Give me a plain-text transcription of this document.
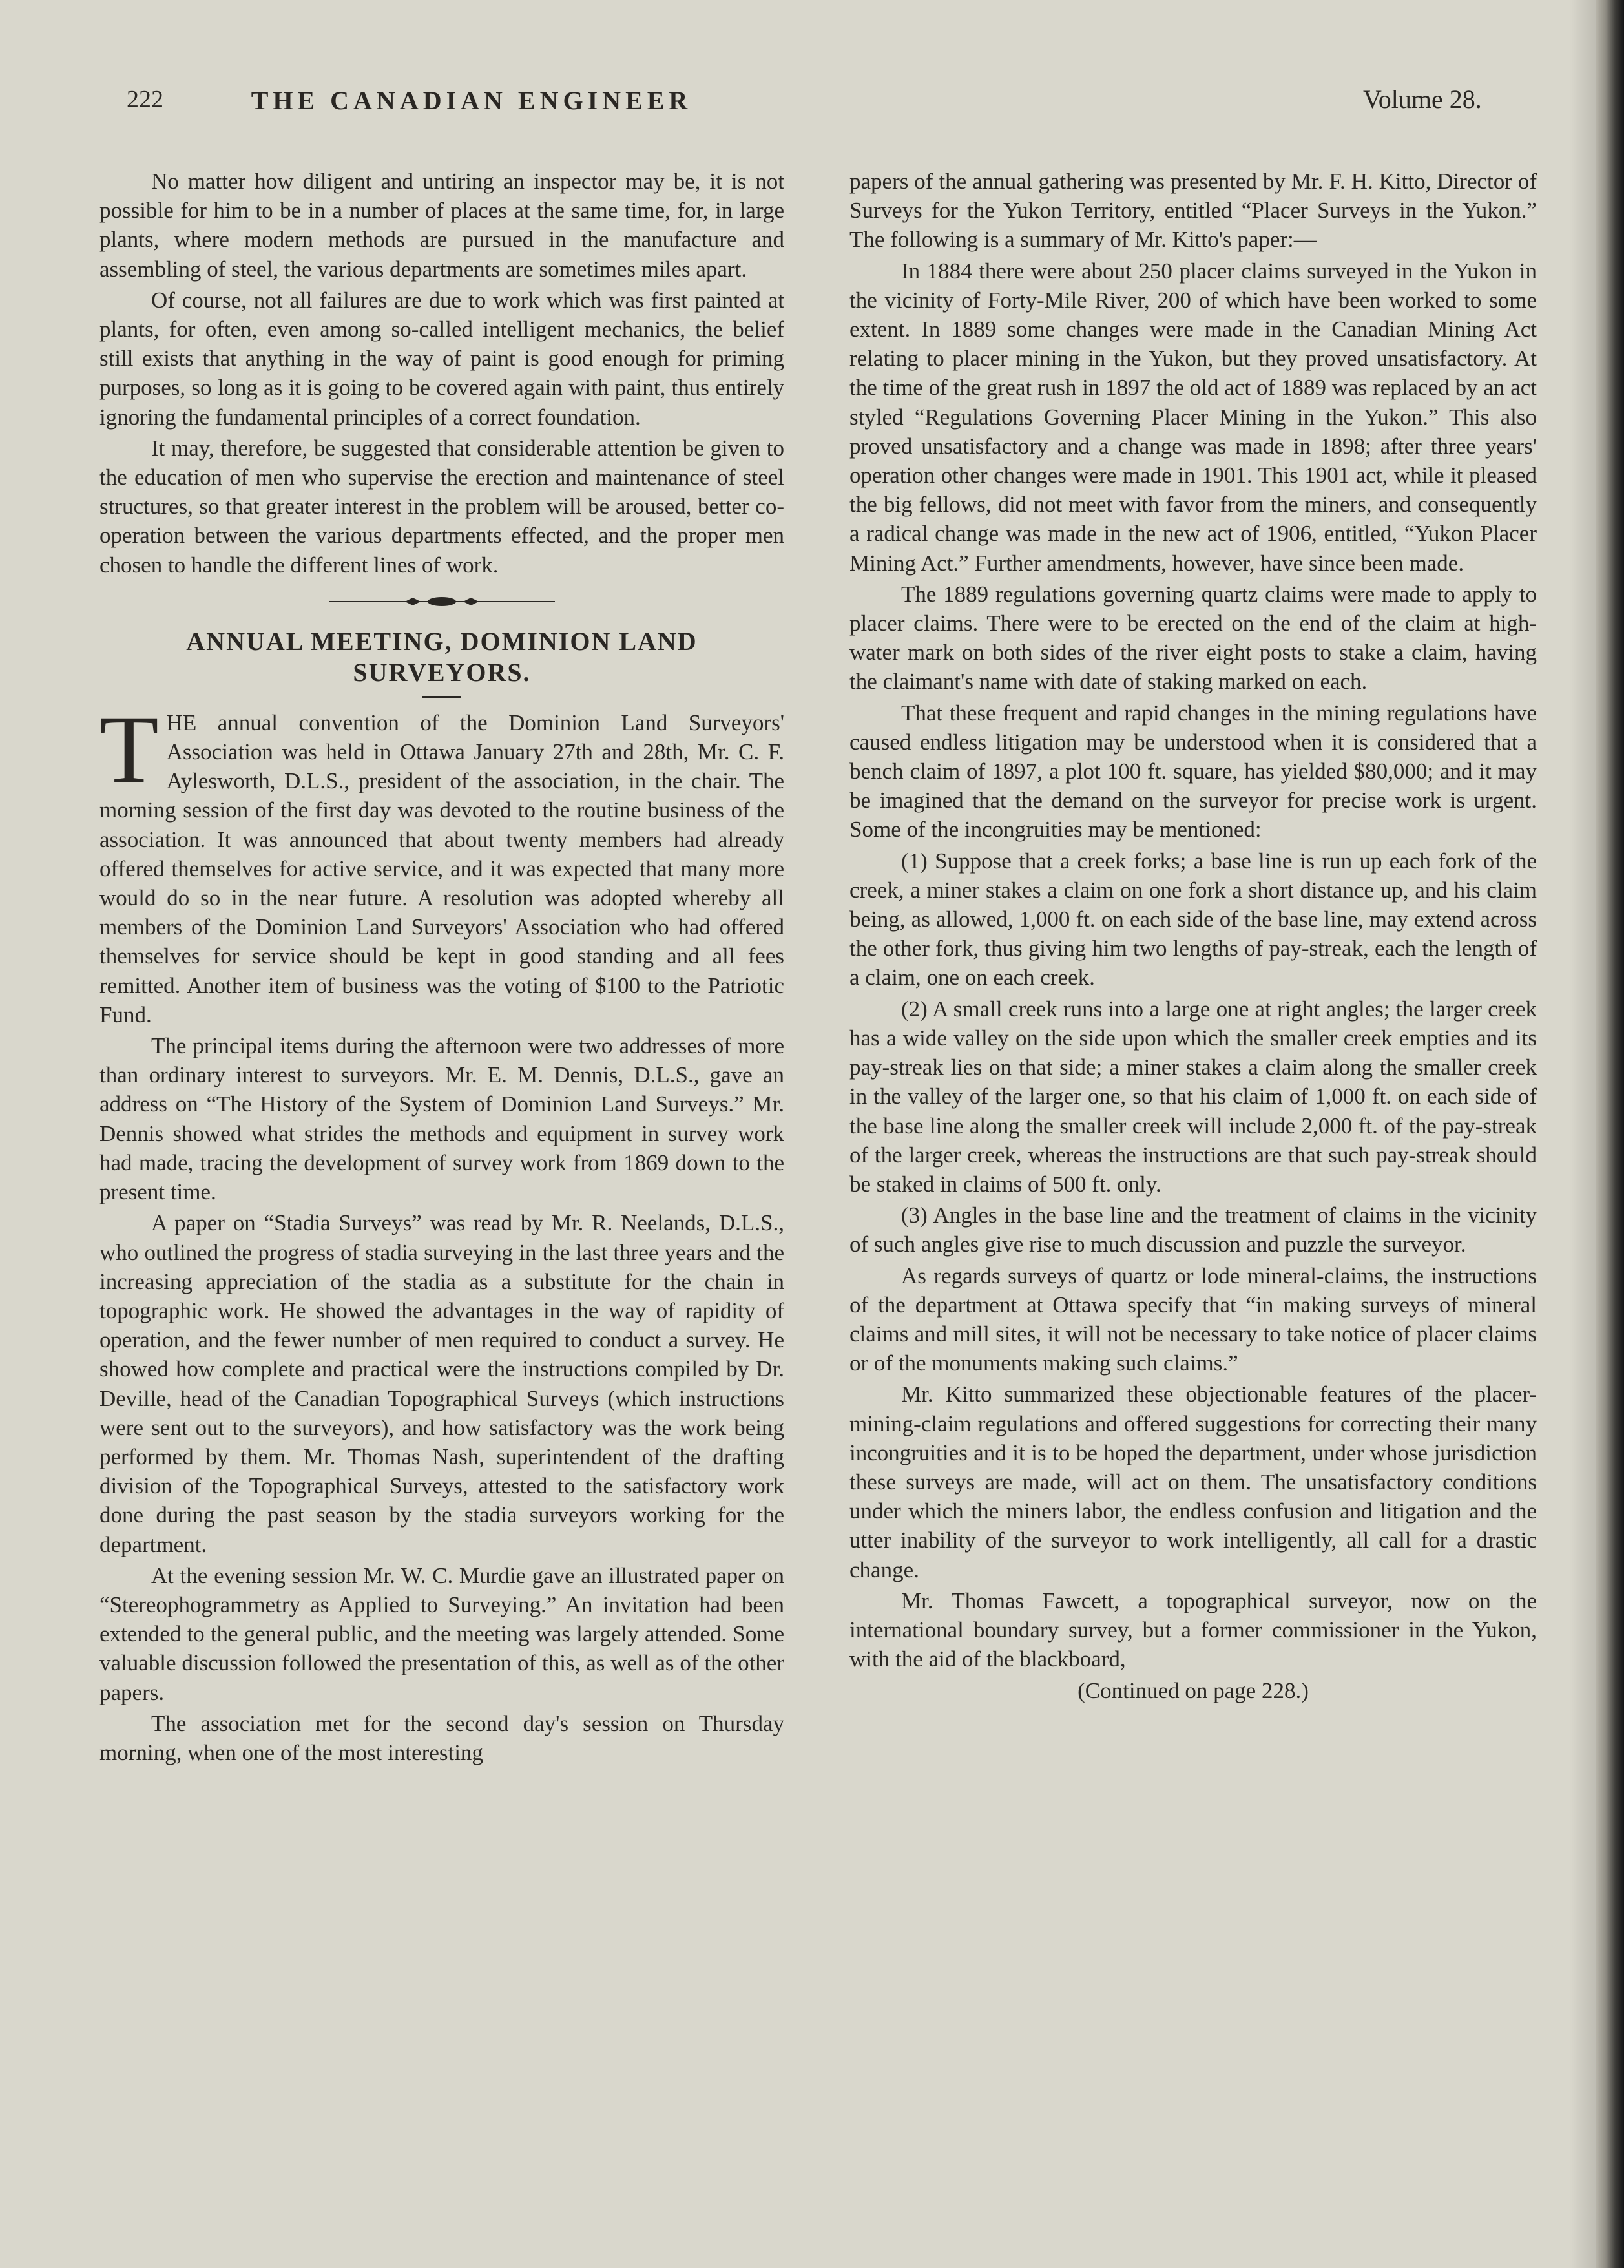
222	THE CANADIAN ENGINEER	Volume 28.

No matter how diligent and untiring an inspector may be, it is not possible for him to be in a number of places at the same time, for, in large plants, where modern methods are pursued in the manufacture and assembling of steel, the various departments are sometimes miles apart.

Of course, not all failures are due to work which was first painted at plants, for often, even among so-called intelligent mechanics, the belief still exists that anything in the way of paint is good enough for priming purposes, so long as it is going to be covered again with paint, thus entirely ignoring the fundamental principles of a correct foundation.

It may, therefore, be suggested that considerable attention be given to the education of men who supervise the erection and maintenance of steel structures, so that greater interest in the problem will be aroused, better co-operation between the various departments effected, and the proper men chosen to handle the different lines of work.

ANNUAL MEETING, DOMINION LAND
SURVEYORS.

THE annual convention of the Dominion Land Surveyors' Association was held in Ottawa January 27th and 28th, Mr. C. F. Aylesworth, D.L.S., president of the association, in the chair. The morning session of the first day was devoted to the routine business of the association. It was announced that about twenty members had already offered themselves for active service, and it was expected that many more would do so in the near future. A resolution was adopted whereby all members of the Dominion Land Surveyors' Association who had offered themselves for service should be kept in good standing and all fees remitted. Another item of business was the voting of $100 to the Patriotic Fund.

The principal items during the afternoon were two addresses of more than ordinary interest to surveyors. Mr. E. M. Dennis, D.L.S., gave an address on “The History of the System of Dominion Land Surveys.” Mr. Dennis showed what strides the methods and equipment in survey work had made, tracing the development of survey work from 1869 down to the present time.

A paper on “Stadia Surveys” was read by Mr. R. Neelands, D.L.S., who outlined the progress of stadia surveying in the last three years and the increasing appreciation of the stadia as a substitute for the chain in topographic work. He showed the advantages in the way of rapidity of operation, and the fewer number of men required to conduct a survey. He showed how complete and practical were the instructions compiled by Dr. Deville, head of the Canadian Topographical Surveys (which instructions were sent out to the surveyors), and how satisfactory was the work being performed by them. Mr. Thomas Nash, superintendent of the drafting division of the Topographical Surveys, attested to the satisfactory work done during the past season by the stadia surveyors working for the department.

At the evening session Mr. W. C. Murdie gave an illustrated paper on “Stereophogrammetry as Applied to Surveying.” An invitation had been extended to the general public, and the meeting was largely attended. Some valuable discussion followed the presentation of this, as well as of the other papers.

The association met for the second day's session on Thursday morning, when one of the most interesting

papers of the annual gathering was presented by Mr. F. H. Kitto, Director of Surveys for the Yukon Territory, entitled “Placer Surveys in the Yukon.” The following is a summary of Mr. Kitto's paper:—

In 1884 there were about 250 placer claims surveyed in the Yukon in the vicinity of Forty-Mile River, 200 of which have been worked to some extent. In 1889 some changes were made in the Canadian Mining Act relating to placer mining in the Yukon, but they proved unsatisfactory. At the time of the great rush in 1897 the old act of 1889 was replaced by an act styled “Regulations Governing Placer Mining in the Yukon.” This also proved unsatisfactory and a change was made in 1898; after three years' operation other changes were made in 1901. This 1901 act, while it pleased the big fellows, did not meet with favor from the miners, and consequently a radical change was made in the new act of 1906, entitled, “Yukon Placer Mining Act.” Further amendments, however, have since been made.

The 1889 regulations governing quartz claims were made to apply to placer claims. There were to be erected on the end of the claim at high-water mark on both sides of the river eight posts to stake a claim, having the claimant's name with date of staking marked on each.

That these frequent and rapid changes in the mining regulations have caused endless litigation may be understood when it is considered that a bench claim of 1897, a plot 100 ft. square, has yielded $80,000; and it may be imagined that the demand on the surveyor for precise work is urgent. Some of the incongruities may be mentioned:

(1) Suppose that a creek forks; a base line is run up each fork of the creek, a miner stakes a claim on one fork a short distance up, and his claim being, as allowed, 1,000 ft. on each side of the base line, may extend across the other fork, thus giving him two lengths of pay-streak, each the length of a claim, one on each creek.

(2) A small creek runs into a large one at right angles; the larger creek has a wide valley on the side upon which the smaller creek empties and its pay-streak lies on that side; a miner stakes a claim along the smaller creek in the valley of the larger one, so that his claim of 1,000 ft. on each side of the base line along the smaller creek will include 2,000 ft. of the pay-streak of the larger creek, whereas the instructions are that such pay-streak should be staked in claims of 500 ft. only.

(3) Angles in the base line and the treatment of claims in the vicinity of such angles give rise to much discussion and puzzle the surveyor.

As regards surveys of quartz or lode mineral-claims, the instructions of the department at Ottawa specify that “in making surveys of mineral claims and mill sites, it will not be necessary to take notice of placer claims or of the monuments making such claims.”

Mr. Kitto summarized these objectionable features of the placer-mining-claim regulations and offered suggestions for correcting their many incongruities and it is to be hoped the department, under whose jurisdiction these surveys are made, will act on them. The unsatisfactory conditions under which the miners labor, the endless confusion and litigation and the utter inability of the surveyor to work intelligently, all call for a drastic change.

Mr. Thomas Fawcett, a topographical surveyor, now on the international boundary survey, but a former commissioner in the Yukon, with the aid of the blackboard,

(Continued on page 228.)
